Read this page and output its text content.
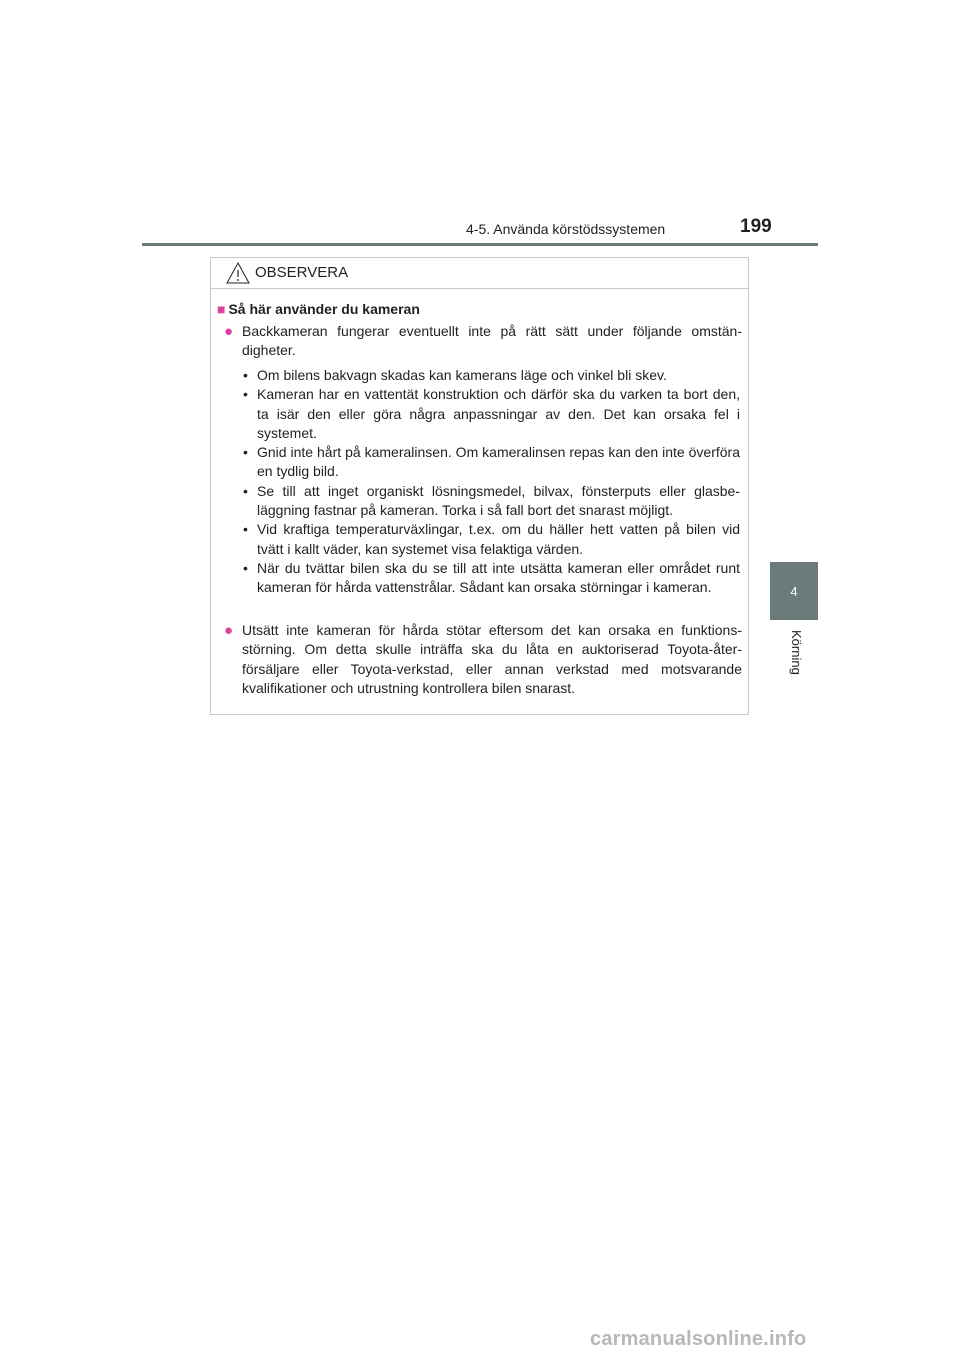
4-5. Använda körstödssystemen	199
4
Körning
OBSERVERA
■ Så här använder du kameran
● Backkameran fungerar eventuellt inte på rätt sätt under följande omstän-digheter.
• Om bilens bakvagn skadas kan kamerans läge och vinkel bli skev.
• Kameran har en vattentät konstruktion och därför ska du varken ta bort den, ta isär den eller göra några anpassningar av den. Det kan orsaka fel i systemet.
• Gnid inte hårt på kameralinsen. Om kameralinsen repas kan den inte överföra en tydlig bild.
• Se till att inget organiskt lösningsmedel, bilvax, fönsterputs eller glasbe-läggning fastnar på kameran. Torka i så fall bort det snarast möjligt.
• Vid kraftiga temperaturväxlingar, t.ex. om du häller hett vatten på bilen vid tvätt i kallt väder, kan systemet visa felaktiga värden.
• När du tvättar bilen ska du se till att inte utsätta kameran eller området runt kameran för hårda vattenstrålar. Sådant kan orsaka störningar i kameran.
● Utsätt inte kameran för hårda stötar eftersom det kan orsaka en funktions-störning. Om detta skulle inträffa ska du låta en auktoriserad Toyota-åter-försäljare eller Toyota-verkstad, eller annan verkstad med motsvarande kvalifikationer och utrustning kontrollera bilen snarast.
carmanualsonline.info
